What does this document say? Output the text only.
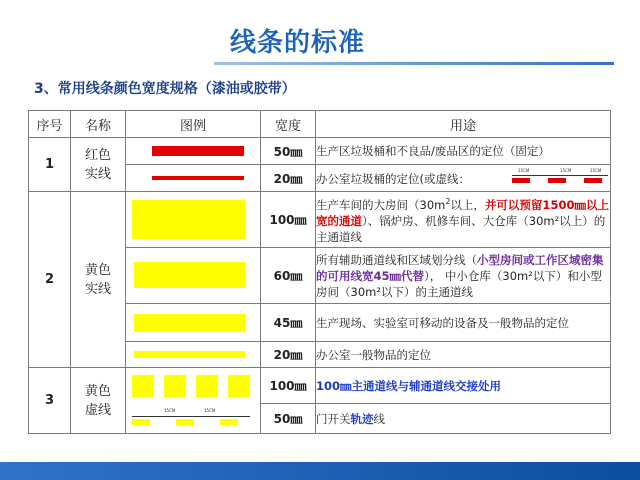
线条的标准
3、常用线条颜色宽度规格（漆油或胶带）
序号	名称	图例	宽度	用途
1	红色实线		50㎜	生产区垃圾桶和不良品/废品区的定位（固定）

			20㎜	办公室垃圾桶的定位(或虚线：
15CM 15CM 15CM

2	黄色实线		100㎜	生产车间的大房间（$30m^2$以上，并可以预留1500㎜以上宽的通道）、锅炉房、机修车间、大仓库（30m²以上）的主通道线

			60㎜	所有辅助通道线和区域划分线（小型房间或工作区域密集的可用线宽45㎜代替）， 中小仓库（30m²以下）和小型房间（30m²以下）的主通道线

			45㎜	生产现场、实验室可移动的设备及一般物品的定位

			20㎜	办公室一般物品的定位
3	黄色虚线	15CM 15CM	100㎜	100㎜主通道线与辅通道线交接处用
			50㎜	门开关轨迹线
